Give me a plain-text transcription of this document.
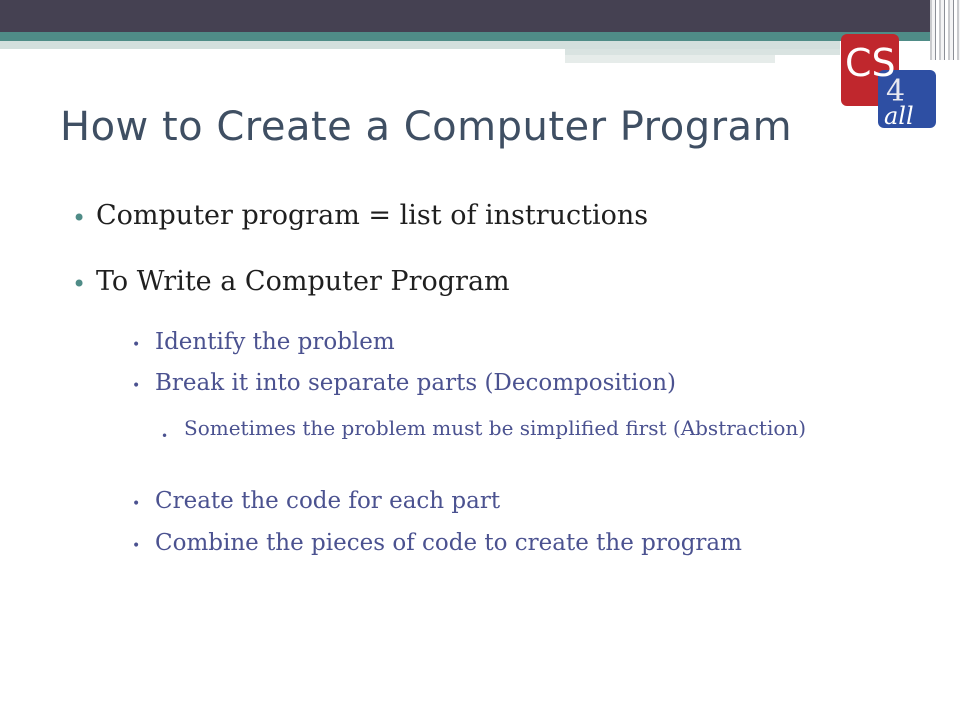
CS
4
all
How to Create a Computer Program
• Computer program = list of instructions
• To Write a Computer Program
• Identify the problem
• Break it into separate parts (Decomposition)
• Sometimes the problem must be simplified first (Abstraction)
• Create the code for each part
• Combine the pieces of code to create the program
